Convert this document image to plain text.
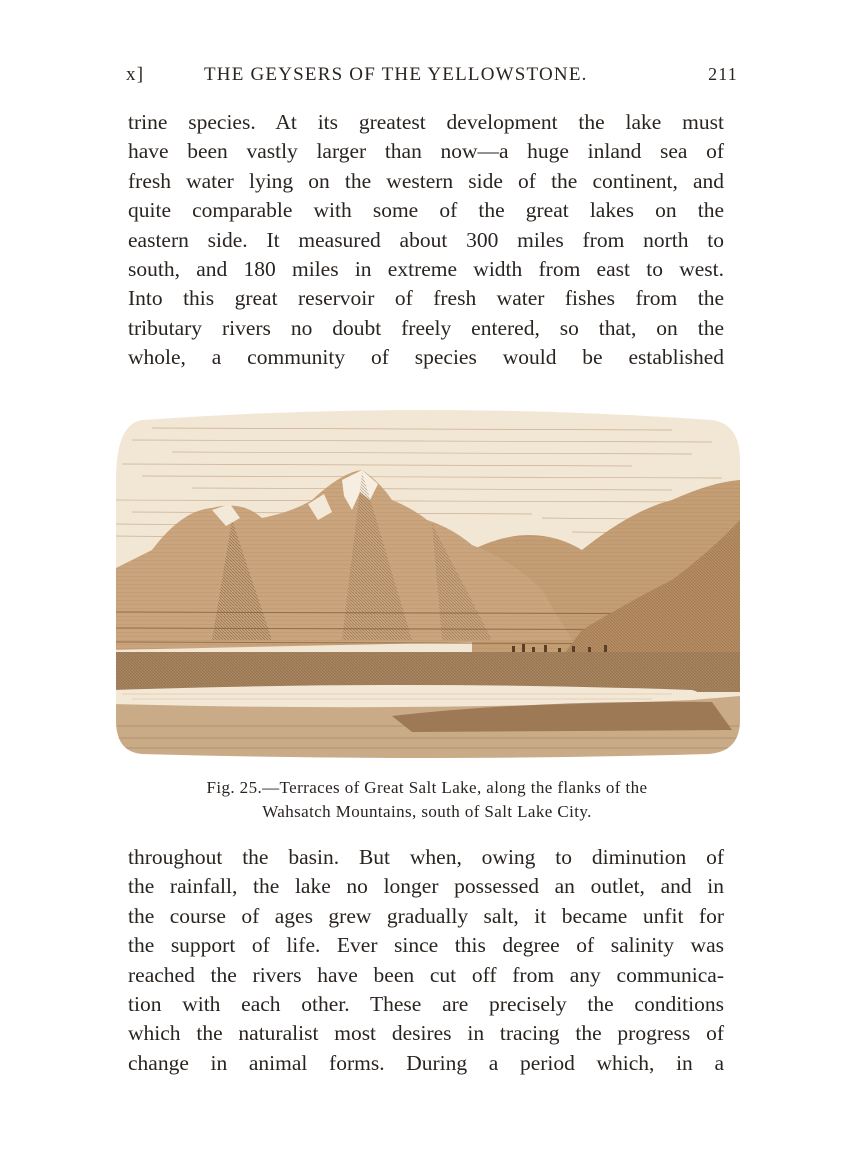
x]	THE GEYSERS OF THE YELLOWSTONE.	211
trine species. At its greatest development the lake must
have been vastly larger than now—a huge inland sea of
fresh water lying on the western side of the continent, and
quite comparable with some of the great lakes on the
eastern side. It measured about 300 miles from north to
south, and 180 miles in extreme width from east to west.
Into this great reservoir of fresh water fishes from the
tributary rivers no doubt freely entered, so that, on the
whole, a community of species would be established
Fig. 25.—Terraces of Great Salt Lake, along the flanks of the
Wahsatch Mountains, south of Salt Lake City.
throughout the basin. But when, owing to diminution of
the rainfall, the lake no longer possessed an outlet, and in
the course of ages grew gradually salt, it became unfit for
the support of life. Ever since this degree of salinity was
reached the rivers have been cut off from any communica-
tion with each other. These are precisely the conditions
which the naturalist most desires in tracing the progress of
change in animal forms. During a period which, in a
